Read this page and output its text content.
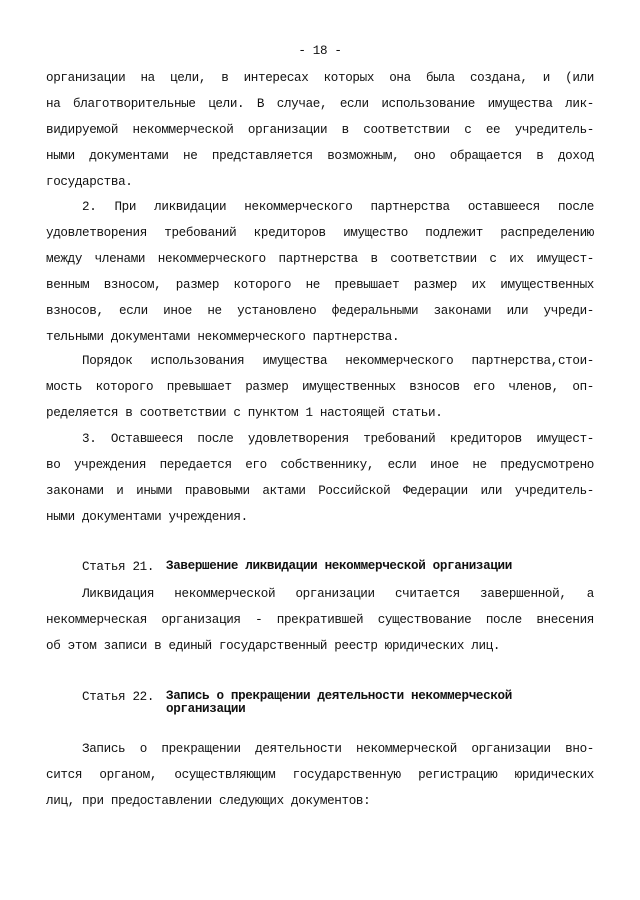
- 18 -
организации на цели, в интересах которых она была создана, и (или
на благотворительные цели. В случае, если использование имущества лик-
видируемой некоммерческой организации в соответствии с ее учредитель-
ными документами не представляется возможным, оно обращается в доход
государства.
2. При ликвидации некоммерческого партнерства оставшееся после
удовлетворения требований кредиторов имущество подлежит распределению
между членами некоммерческого партнерства в соответствии с их имущест-
венным взносом, размер которого не превышает размер их имущественных
взносов, если иное не установлено федеральными законами или учреди-
тельными документами некоммерческого партнерства.
Порядок использования имущества некоммерческого партнерства,стои-
мость которого превышает размер имущественных взносов его членов, оп-
ределяется в соответствии с пунктом 1 настоящей статьи.
3. Оставшееся после удовлетворения требований кредиторов имущест-
во учреждения передается его собственнику, если иное не предусмотрено
законами и иными правовыми актами Российской Федерации или учредитель-
ными документами учреждения.
Статья 21. Завершение ликвидации некоммерческой организации
Ликвидация некоммерческой организации считается завершенной, а
некоммерческая организация - прекратившей существование после внесения
об этом записи в единый государственный реестр юридических лиц.
Статья 22. Запись о прекращении деятельности некоммерческой
организации
Запись о прекращении деятельности некоммерческой организации вно-
сится органом, осуществляющим государственную регистрацию юридических
лиц, при предоставлении следующих документов:
